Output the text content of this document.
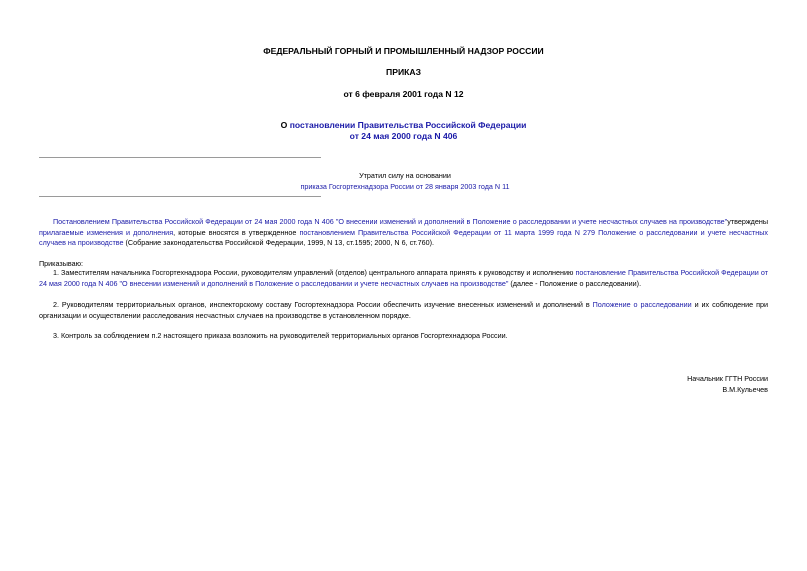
ФЕДЕРАЛЬНЫЙ ГОРНЫЙ И ПРОМЫШЛЕННЫЙ НАДЗОР РОССИИ
ПРИКАЗ
от 6 февраля 2001 года N 12
О постановлении Правительства Российской Федерации
от 24 мая 2000 года N 406
Утратил силу на основании
приказа Госгортехнадзора России от 28 января 2003 года N 11
Постановлением Правительства Российской Федерации от 24 мая 2000 года N 406 "О внесении изменений и дополнений в Положение о расследовании и учете несчастных случаев на производстве"утверждены прилагаемые изменения и дополнения, которые вносятся в утвержденное постановлением Правительства Российской Федерации от 11 марта 1999 года N 279 Положение о расследовании и учете несчастных случаев на производстве (Собрание законодательства Российской Федерации, 1999, N 13, ст.1595; 2000, N 6, ст.760).
Приказываю:
1. Заместителям начальника Госгортехнадзора России, руководителям управлений (отделов) центрального аппарата принять к руководству и исполнению постановление Правительства Российской Федерации от 24 мая 2000 года N 406 "О внесении изменений и дополнений в Положение о расследовании и учете несчастных случаев на производстве" (далее - Положение о расследовании).
2. Руководителям территориальных органов, инспекторскому составу Госгортехнадзора России обеспечить изучение внесенных изменений и дополнений в Положение о расследовании и их соблюдение при организации и осуществлении расследования несчастных случаев на производстве в установленном порядке.
3. Контроль за соблюдением п.2 настоящего приказа возложить на руководителей территориальных органов Госгортехнадзора России.
Начальник ГГТН России
В.М.Кульечев
